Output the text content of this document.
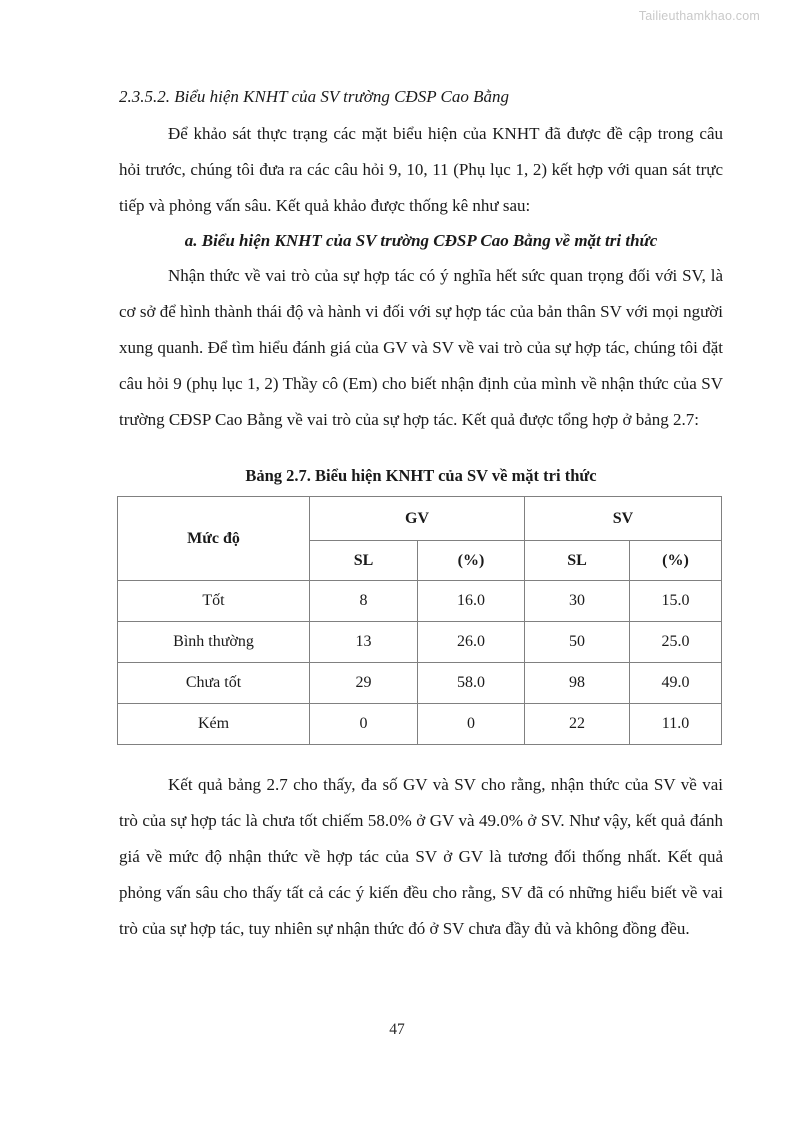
Tailieuthamkhao.com
2.3.5.2. Biểu hiện KNHT của SV trường CĐSP Cao Bằng

Để khảo sát thực trạng các mặt biểu hiện của KNHT đã được đề cập trong câu hỏi trước, chúng tôi đưa ra các câu hỏi 9, 10, 11 (Phụ lục 1, 2) kết hợp với quan sát trực tiếp và phỏng vấn sâu. Kết quả khảo được thống kê như sau:

a. Biểu hiện KNHT của SV trường CĐSP Cao Bằng về mặt tri thức

Nhận thức về vai trò của sự hợp tác có ý nghĩa hết sức quan trọng đối với SV, là cơ sở để hình thành thái độ và hành vi đối với sự hợp tác của bản thân SV với mọi người xung quanh. Để tìm hiểu đánh giá của GV và SV về vai trò của sự hợp tác, chúng tôi đặt câu hỏi 9 (phụ lục 1, 2) Thầy cô (Em) cho biết nhận định của mình về nhận thức của SV trường CĐSP Cao Bằng về vai trò của sự hợp tác. Kết quả được tổng hợp ở bảng 2.7:

Bảng 2.7. Biểu hiện KNHT của SV về mặt tri thức
Mức độ	GV		SV	
	SL	(%)	SL	(%)
Tốt	8	16.0	30	15.0
Bình thường	13	26.0	50	25.0
Chưa tốt	29	58.0	98	49.0
Kém	0	0	22	11.0

Kết quả bảng 2.7 cho thấy, đa số GV và SV cho rằng, nhận thức của SV về vai trò của sự hợp tác là chưa tốt chiếm 58.0% ở GV và 49.0% ở SV. Như vậy, kết quả đánh giá về mức độ nhận thức về hợp tác của SV ở GV là tương đối thống nhất. Kết quả phỏng vấn sâu cho thấy tất cả các ý kiến đều cho rằng, SV đã có những hiểu biết về vai trò của sự hợp tác, tuy nhiên sự nhận thức đó ở SV chưa đầy đủ và không đồng đều.

47
